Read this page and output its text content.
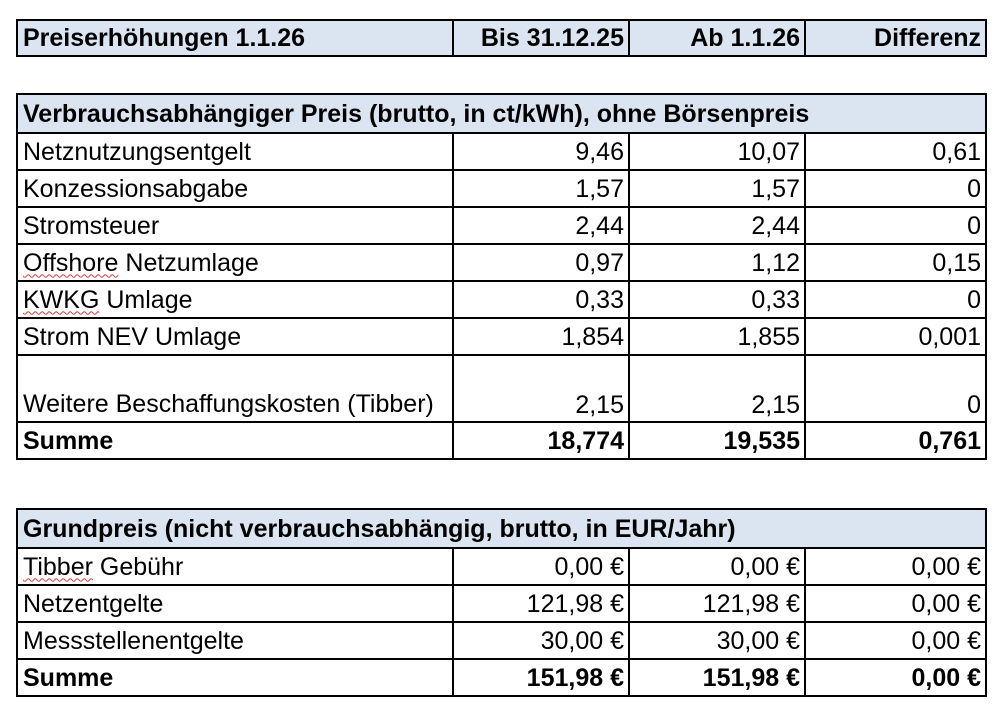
Preiserhöhungen 1.1.26	Bis 31.12.25	Ab 1.1.26	Differenz
Verbrauchsabhängiger Preis (brutto, in ct/kWh), ohne Börsenpreis			
Netznutzungsentgelt	9,46	10,07	0,61
Konzessionsabgabe	1,57	1,57	0
Stromsteuer	2,44	2,44	0
Offshore Netzumlage	0,97	1,12	0,15
KWKG Umlage	0,33	0,33	0
Strom NEV Umlage	1,854	1,855	0,001
Weitere Beschaffungskosten (Tibber)	2,15	2,15	0
Summe	18,774	19,535	0,761
Grundpreis (nicht verbrauchsabhängig, brutto, in EUR/Jahr)			
Tibber Gebühr	0,00 €	0,00 €	0,00 €
Netzentgelte	121,98 €	121,98 €	0,00 €
Messstellenentgelte	30,00 €	30,00 €	0,00 €
Summe	151,98 €	151,98 €	0,00 €
